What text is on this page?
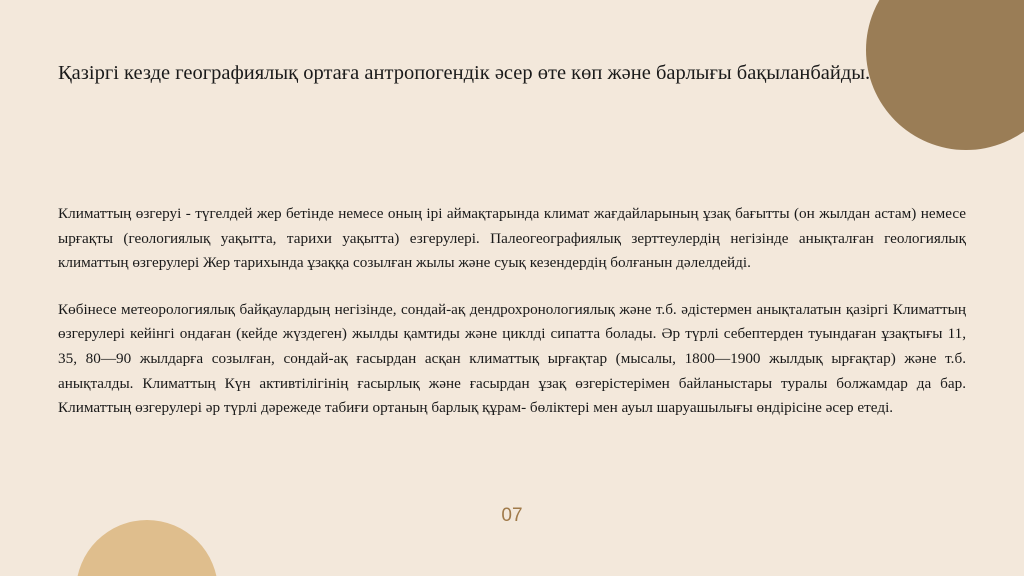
Қазіргі кезде географиялық ортаға антропогендік әсер өте көп және барлығы бақыланбайды.

Климаттың өзгеруі - түгелдей жер бетінде немесе оның ірі аймақтарында климат жағдайларының ұзақ бағытты (он жылдан астам) немесе ырғақты (геологиялық уақытта, тарихи уақытта) езгерулері. Палеогеографиялық зерттеулердің негізінде анықталған геологиялық климаттың өзгерулері Жер тарихында ұзаққа созылған жылы және суық кезендердің болғанын дәлелдейді.

Көбінесе метеорологиялық байқаулардың негізінде, сондай-ақ дендрохронологиялық және т.б. әдістермен анықталатын қазіргі Климаттың өзгерулері кейінгі ондаған (кейде жүздеген) жылды қамтиды және циклді сипатта болады. Әр түрлі себептерден туындаған ұзақтығы 11, 35, 80—90 жылдарға созылған, сондай-ақ ғасырдан асқан климаттық ырғақтар (мысалы, 1800—1900 жылдық ырғақтар) және т.б. анықталды. Климаттың Күн активтілігінің ғасырлық және ғасырдан ұзақ өзгерістерімен байланыстары туралы болжамдар да бар. Климаттың өзгерулері әр түрлі дәрежеде табиғи ортаның барлық құрам- бөліктері мен ауыл шаруашылығы өндірісіне әсер етеді.

07
